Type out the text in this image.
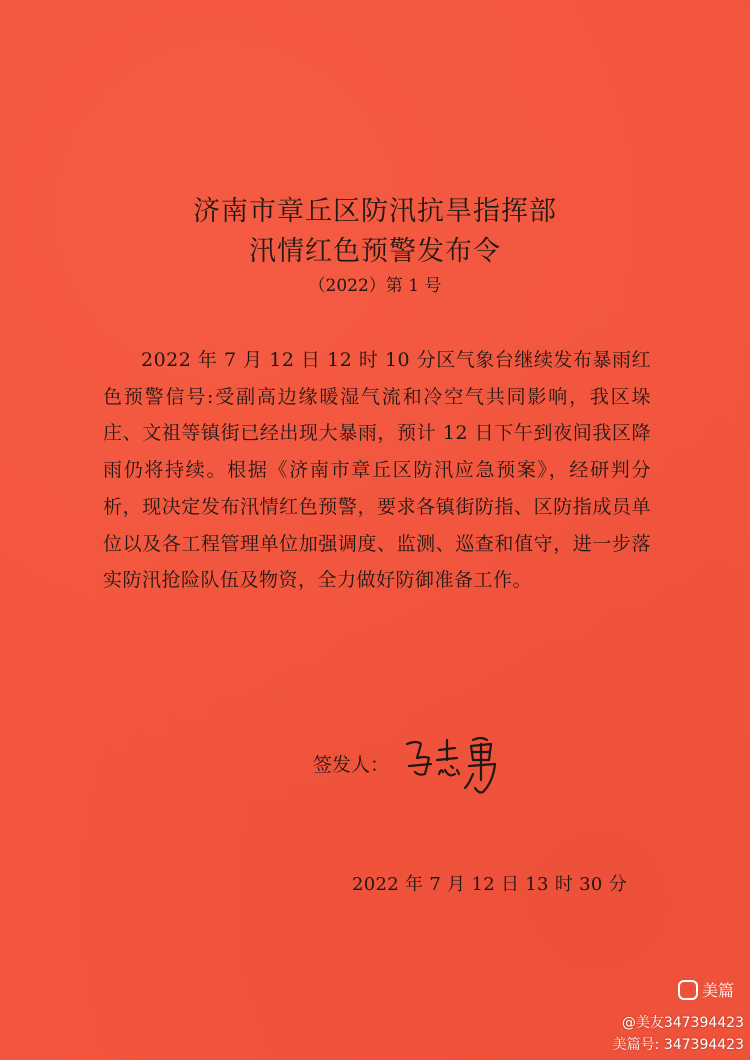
济南市章丘区防汛抗旱指挥部
汛情红色预警发布令
（2022）第 1 号
2022 年 7 月 12 日 12 时 10 分区气象台继续发布暴雨红色预警信号:受副高边缘暖湿气流和冷空气共同影响，我区垛庄、文祖等镇街已经出现大暴雨，预计 12 日下午到夜间我区降雨仍将持续。根据《济南市章丘区防汛应急预案》，经研判分析，现决定发布汛情红色预警，要求各镇街防指、区防指成员单位以及各工程管理单位加强调度、监测、巡查和值守，进一步落实防汛抢险队伍及物资，全力做好防御准备工作。
签发人：
2022 年 7 月 12 日 13 时 30 分
美篇
@美友347394423
美篇号: 347394423
